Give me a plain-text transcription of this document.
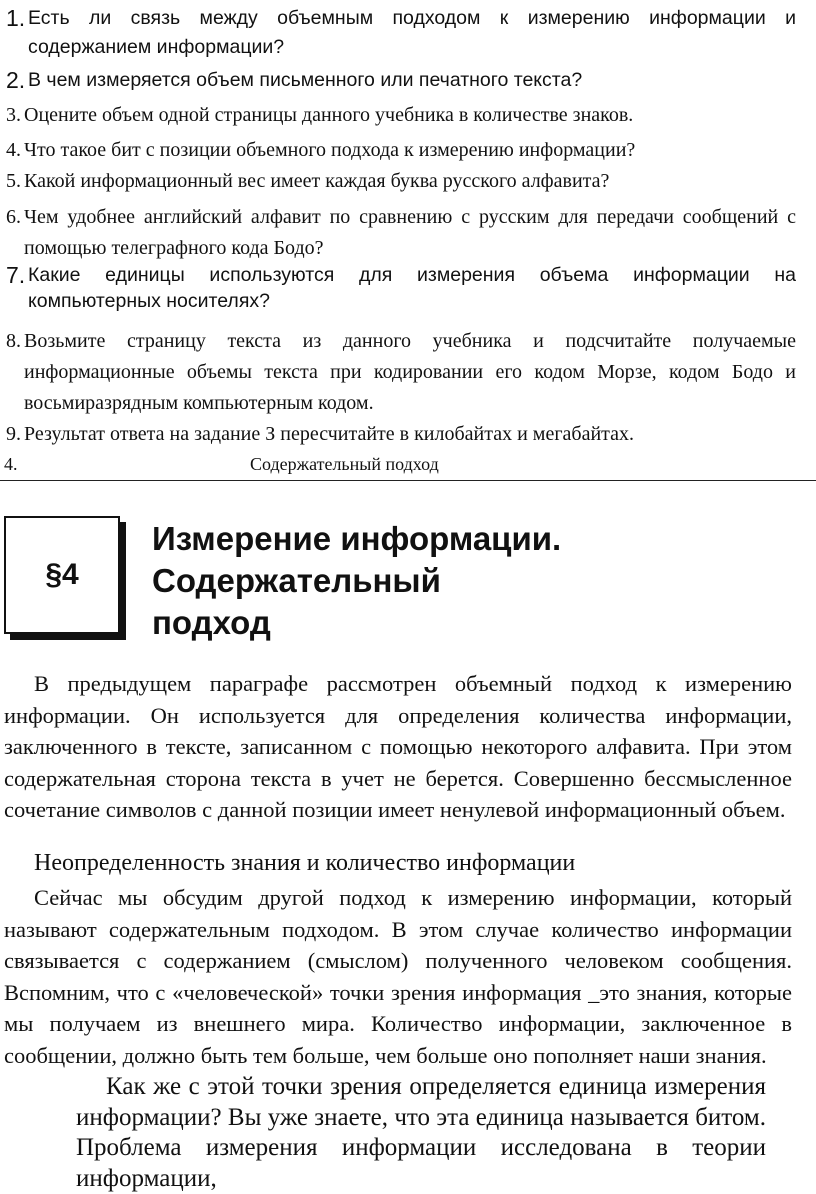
1. Есть ли связь между объемным подходом к измерению информации и содержанием информации?
2. В чем измеряется объем письменного или печатного текста?
3. Оцените объем одной страницы данного учебника в количестве знаков.
4. Что такое бит с позиции объемного подхода к измерению информации?
5. Какой информационный вес имеет каждая буква русского алфавита?
6. Чем удобнее английский алфавит по сравнению с русским для передачи сообщений с помощью телеграфного кода Бодо?
7. Какие единицы используются для измерения объема информации на компьютерных носителях?
8. Возьмите страницу текста из данного учебника и подсчитайте получаемые информационные объемы текста при кодировании его кодом Морзе, кодом Бодо и восьмиразрядным компьютерным кодом.
9. Результат ответа на задание З пересчитайте в килобайтах и мегабайтах.
4.	Содержательный подход
§4
Измерение информации.
Содержательный
подход

В предыдущем параграфе рассмотрен объемный подход к измерению информации. Он используется для определения количества информации, заключенного в тексте, записанном с помощью некоторого алфавита. При этом содержательная сторона текста в учет не берется. Совершенно бессмысленное сочетание символов с данной позиции имеет ненулевой информационный объем.

Неопределенность знания и количество информации

Сейчас мы обсудим другой подход к измерению информации, который называют содержательным подходом. В этом случае количество информации связывается с содержанием (смыслом) полученного человеком сообщения. Вспомним, что с «человеческой» точки зрения информация _это знания, которые мы получаем из внешнего мира. Количество информации, заключенное в сообщении, должно быть тем больше, чем больше оно пополняет наши знания.

Как же с этой точки зрения определяется единица измерения информации? Вы уже знаете, что эта единица называется битом. Проблема измерения информации исследована в теории информации,
